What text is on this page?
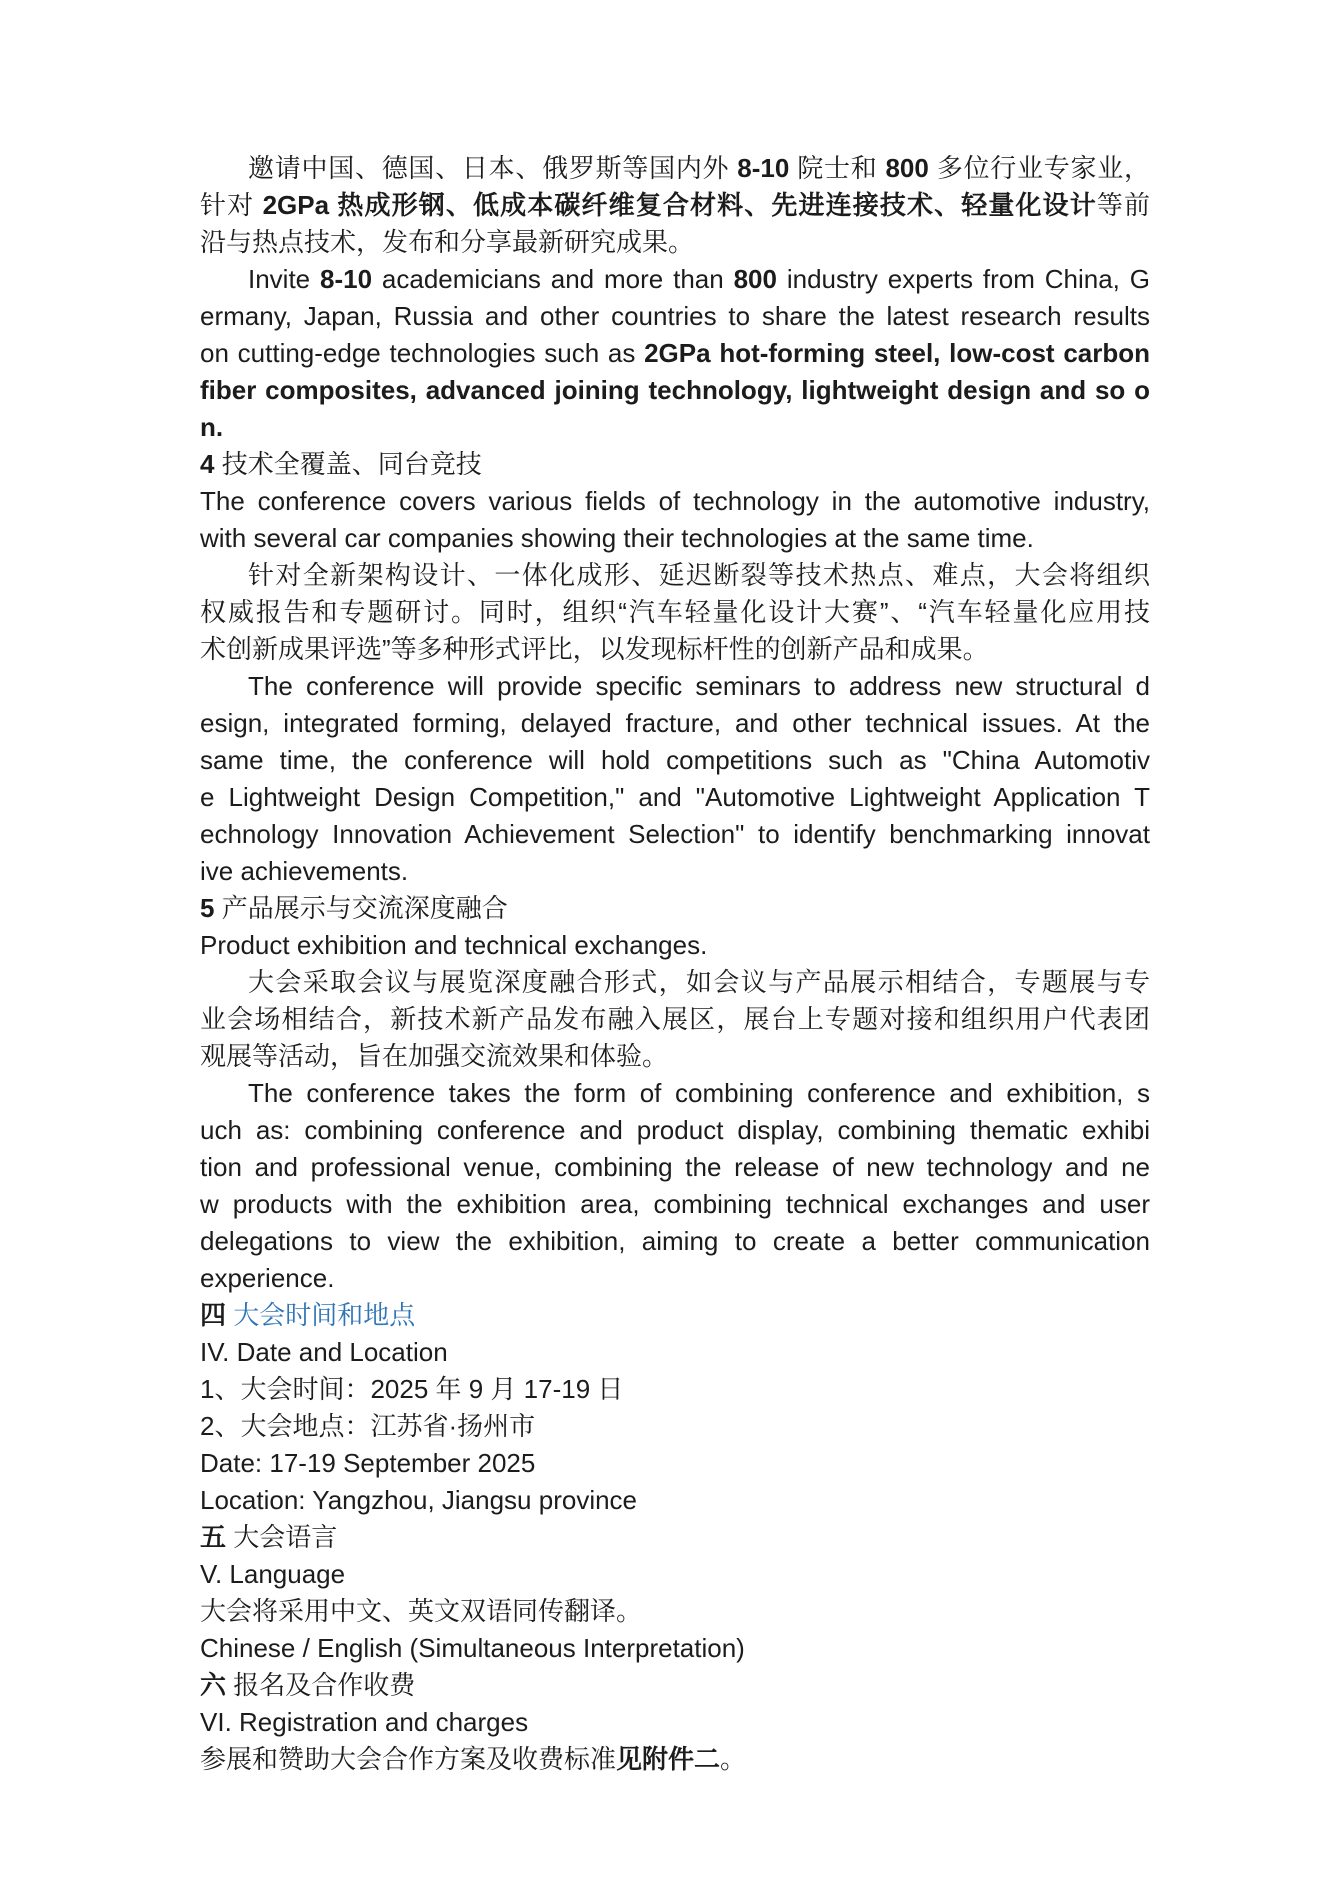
邀请中国、德国、日本、俄罗斯等国内外 8-10 院士和 800 多位行业专家业，
针对 2GPa 热成形钢、低成本碳纤维复合材料、先进连接技术、轻量化设计等前
沿与热点技术，发布和分享最新研究成果。
Invite 8-10 academicians and more than 800 industry experts from China, G
ermany, Japan, Russia and other countries to share the latest research results
on cutting-edge technologies such as 2GPa hot-forming steel, low-cost carbon
fiber composites, advanced joining technology, lightweight design and so o
n.
4 技术全覆盖、同台竞技
The conference covers various fields of technology in the automotive industry,
with several car companies showing their technologies at the same time.
针对全新架构设计、一体化成形、延迟断裂等技术热点、难点，大会将组织
权威报告和专题研讨。同时，组织“汽车轻量化设计大赛”、“汽车轻量化应用技
术创新成果评选”等多种形式评比，以发现标杆性的创新产品和成果。
The conference will provide specific seminars to address new structural d
esign, integrated forming, delayed fracture, and other technical issues. At the
same time, the conference will hold competitions such as "China Automotiv
e Lightweight Design Competition," and "Automotive Lightweight Application T
echnology Innovation Achievement Selection" to identify benchmarking innovat
ive achievements.
5 产品展示与交流深度融合
Product exhibition and technical exchanges.
大会采取会议与展览深度融合形式，如会议与产品展示相结合，专题展与专
业会场相结合，新技术新产品发布融入展区，展台上专题对接和组织用户代表团
观展等活动，旨在加强交流效果和体验。
The conference takes the form of combining conference and exhibition, s
uch as: combining conference and product display, combining thematic exhibi
tion and professional venue, combining the release of new technology and ne
w products with the exhibition area, combining technical exchanges and user
delegations to view the exhibition, aiming to create a better communication
experience.
四 大会时间和地点
IV. Date and Location
1、大会时间：2025 年 9 月 17-19 日
2、大会地点：江苏省·扬州市
Date: 17-19 September 2025
Location: Yangzhou, Jiangsu province
五 大会语言
V. Language
大会将采用中文、英文双语同传翻译。
Chinese / English (Simultaneous Interpretation)
六 报名及合作收费
VI. Registration and charges
参展和赞助大会合作方案及收费标准见附件二。
